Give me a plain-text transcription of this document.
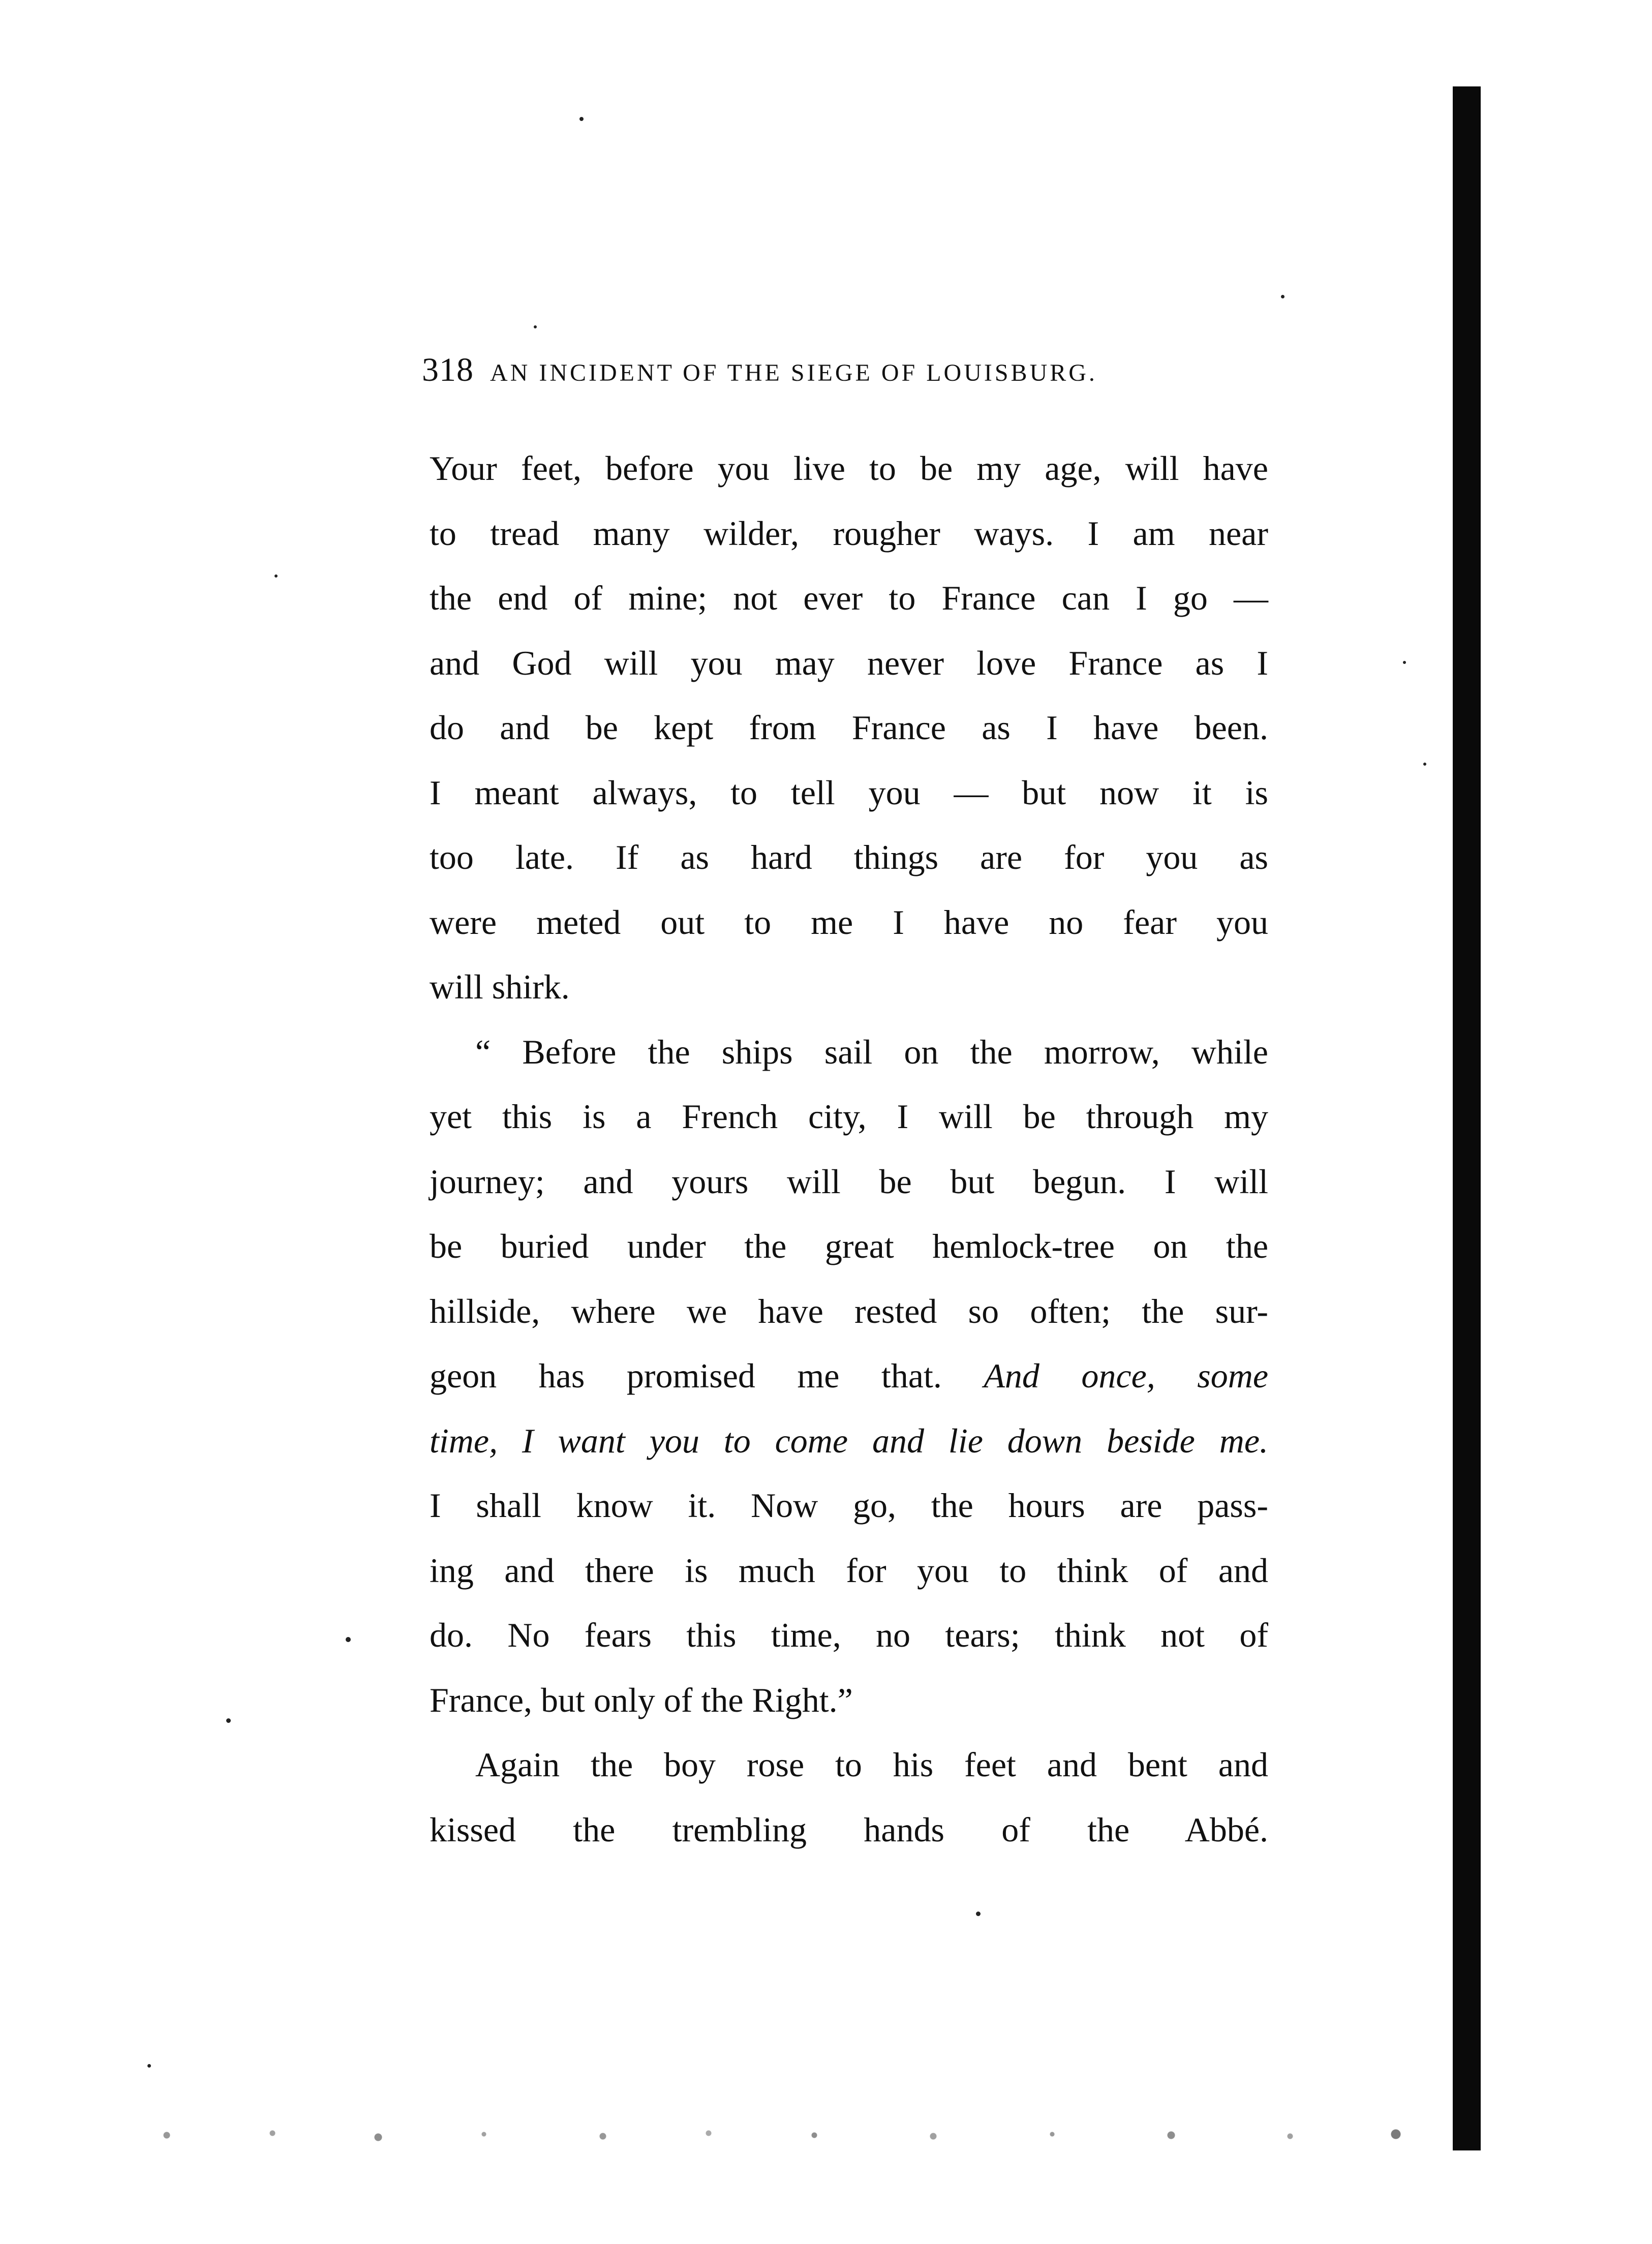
318 AN INCIDENT OF THE SIEGE OF LOUISBURG.
Your feet, before you live to be my age, will have
to tread many wilder, rougher ways. I am near
the end of mine; not ever to France can I go —
and God will you may never love France as I
do and be kept from France as I have been.
I meant always, to tell you — but now it is
too late. If as hard things are for you as
were meted out to me I have no fear you
will shirk.
“ Before the ships sail on the morrow, while
yet this is a French city, I will be through my
journey; and yours will be but begun. I will
be buried under the great hemlock-tree on the
hillside, where we have rested so often; the sur-
geon has promised me that. And once, some
time, I want you to come and lie down beside me.
I shall know it. Now go, the hours are pass-
ing and there is much for you to think of and
do. No fears this time, no tears; think not of
France, but only of the Right.”
Again the boy rose to his feet and bent and
kissed the trembling hands of the Abbé.
